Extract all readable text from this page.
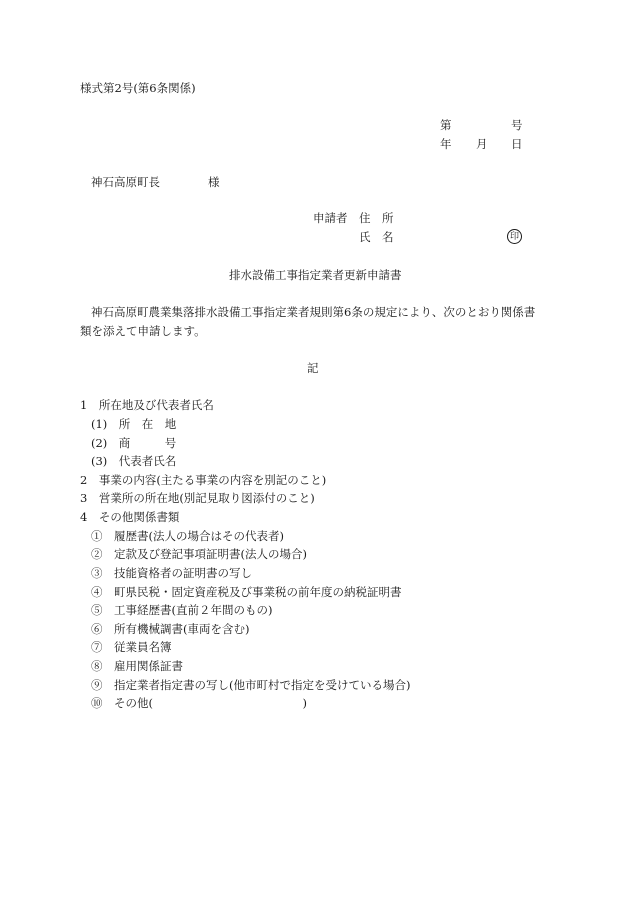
様式第2号(第6条関係)
第	号
年 月 日
神石高原町長	様
申請者 住　所
氏　名	印
排水設備工事指定業者更新申請書
神石高原町農業集落排水設備工事指定業者規則第6条の規定により、次のとおり関係書
類を添えて申請します。
記
1　所在地及び代表者氏名
(1)　所　在　地
(2)　商　　　号
(3)　代表者氏名
2　事業の内容(主たる事業の内容を別記のこと)
3　営業所の所在地(別記見取り図添付のこと)
4　その他関係書類
①　履歴書(法人の場合はその代表者)
②　定款及び登記事項証明書(法人の場合)
③　技能資格者の証明書の写し
④　町県民税・固定資産税及び事業税の前年度の納税証明書
⑤　工事経歴書(直前２年間のもの)
⑥　所有機械調書(車両を含む)
⑦　従業員名簿
⑧　雇用関係証書
⑨　指定業者指定書の写し(他市町村で指定を受けている場合)
⑩　その他(　　　　　　　　　　　　　)
